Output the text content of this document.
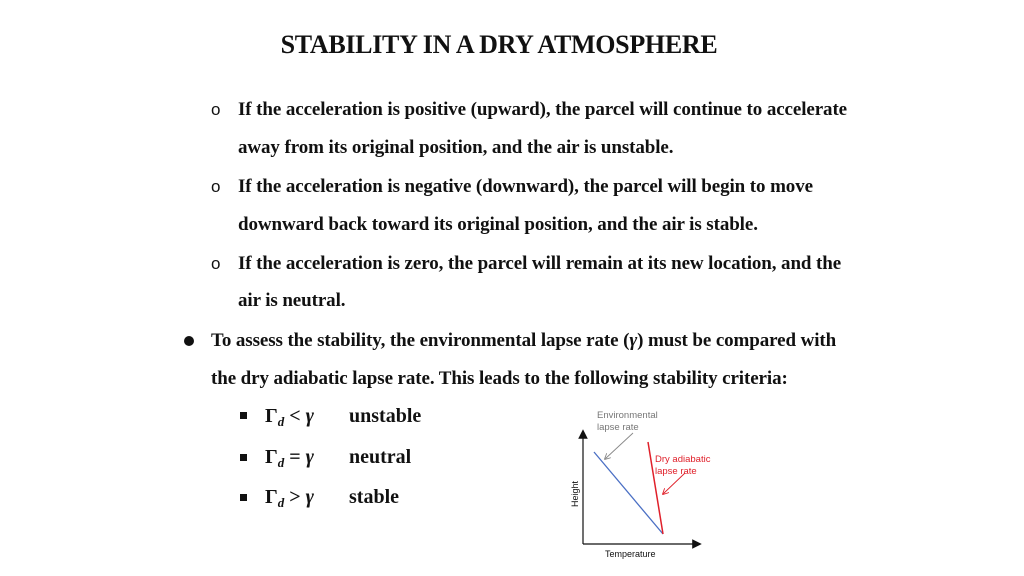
STABILITY IN A DRY ATMOSPHERE
o If the acceleration is positive (upward), the parcel will continue to accelerate
away from its original position, and the air is unstable.
o If the acceleration is negative (downward), the parcel will begin to move
downward back toward its original position, and the air is stable.
o If the acceleration is zero, the parcel will remain at its new location, and the
air is neutral.
To assess the stability, the environmental lapse rate (γ) must be compared with
the dry adiabatic lapse rate. This leads to the following stability criteria:
$\Gamma_d < \gamma$ unstable
$\Gamma_d = \gamma$ neutral
$\Gamma_d > \gamma$ stable
Environmental
lapse rate
Dry adiabatic
lapse rate
Height
Temperature
